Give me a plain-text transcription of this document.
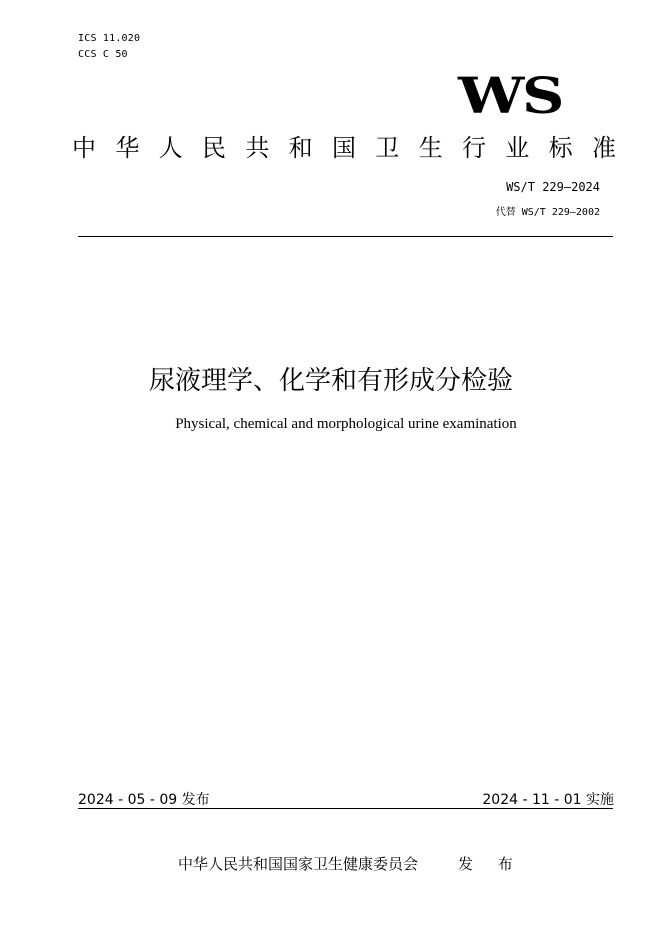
ICS 11.020
CCS C 50
WS
中 华 人 民 共 和 国 卫 生 行 业 标 准
WS/T 229—2024
代替 WS/T 229—2002
尿液理学、化学和有形成分检验
Physical, chemical and morphological urine examination
2024 - 05 - 09 发布	2024 - 11 - 01 实施
中华人民共和国国家卫生健康委员会	发 布
